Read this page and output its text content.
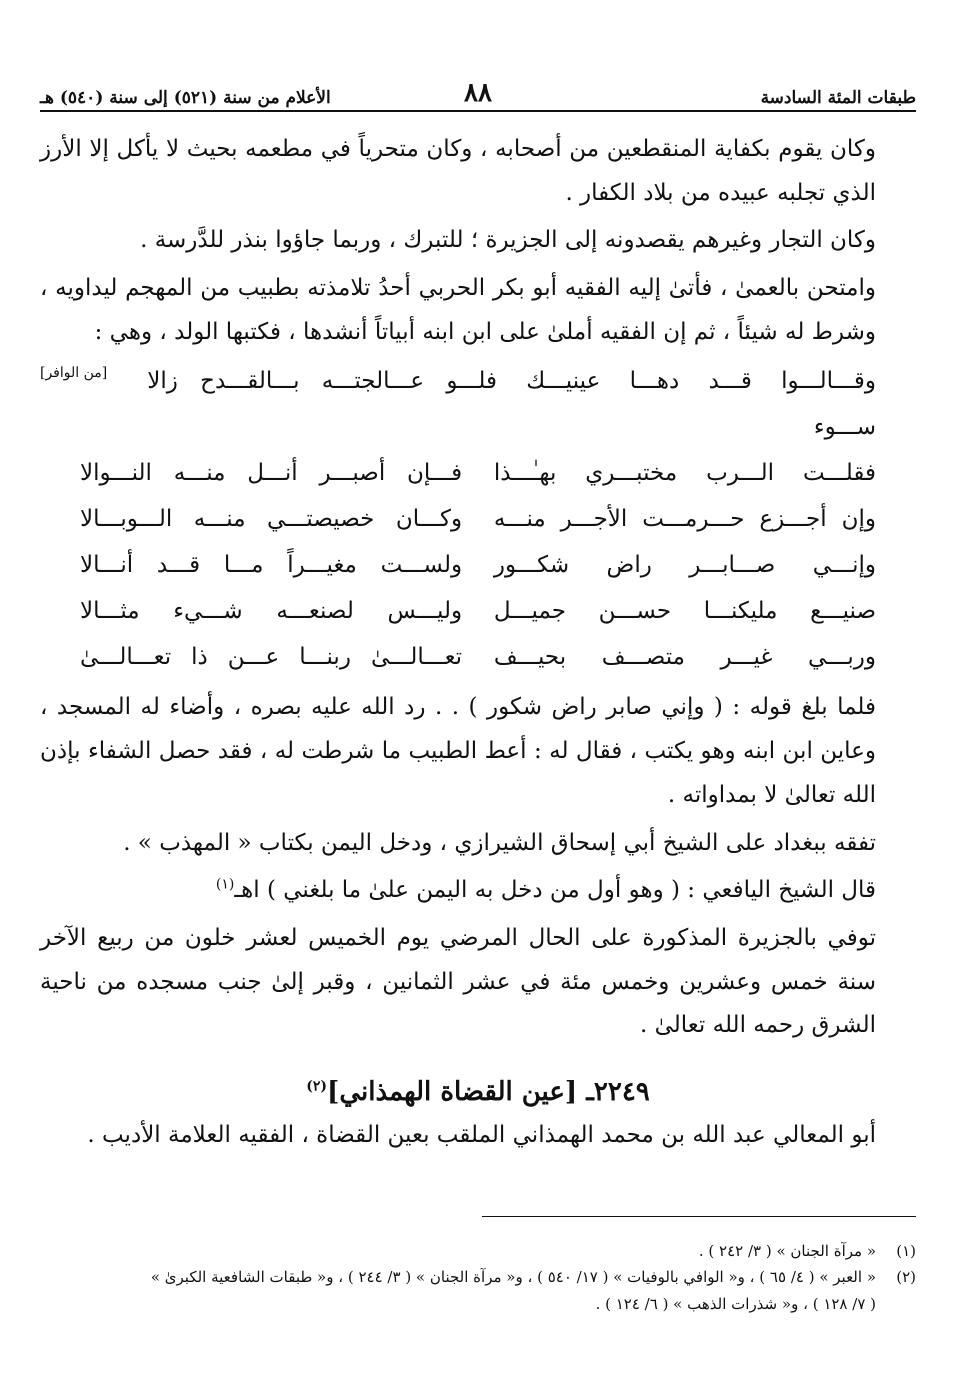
طبقات المئة السادسة
٨٨
الأعلام من سنة (٥٢١) إلى سنة (٥٤٠) هـ

وكان يقوم بكفاية المنقطعين من أصحابه ، وكان متحرياً في مطعمه بحيث لا يأكل إلا الأرز الذي تجلبه عبيده من بلاد الكفار .

وكان التجار وغيرهم يقصدونه إلى الجزيرة ؛ للتبرك ، وربما جاؤوا بنذر للدَّرسة .

وامتحن بالعمىٰ ، فأتىٰ إليه الفقيه أبو بكر الحربي أحدُ تلامذته بطبيب من المهجم ليداويه ، وشرط له شيئاً ، ثم إن الفقيه أملىٰ على ابن ابنه أبياتاً أنشدها ، فكتبها الولد ، وهي :
[من الوافر]	وقـــالـــوا قـــد دهـــا عينيـــك ســـوء
فلـــو عـــالجتـــه بـــالقـــدح زالا
فقلـــت الـــرب مختبـــري بهـٰـــذا
فـــإن أصبـــر أنـــل منـــه النـــوالا
وإن أجـــزع حـــرمـــت الأجـــر منـــه
وكـــان خصيصتـــي منـــه الـــوبـــالا
وإنـــي صـــابـــر راض شكـــور
ولســـت مغيـــراً مـــا قـــد أنـــالا
صنيـــع مليكنـــا حســـن جميـــل
وليـــس لصنعـــه شـــيء مثـــالا
وربـــي غيـــر متصـــف بحيـــف
تعـــالـــىٰ ربنـــا عـــن ذا تعـــالـــىٰ

فلما بلغ قوله : ( وإني صابر راض شكور ) . . رد الله عليه بصره ، وأضاء له المسجد ، وعاين ابن ابنه وهو يكتب ، فقال له : أعط الطبيب ما شرطت له ، فقد حصل الشفاء بإذن الله تعالىٰ لا بمداواته .

تفقه ببغداد على الشيخ أبي إسحاق الشيرازي ، ودخل اليمن بكتاب « المهذب » .

قال الشيخ اليافعي : ( وهو أول من دخل به اليمن علىٰ ما بلغني ) اهـ$^{(١)}$

توفي بالجزيرة المذكورة على الحال المرضي يوم الخميس لعشر خلون من ربيع الآخر سنة خمس وعشرين وخمس مئة في عشر الثمانين ، وقبر إلىٰ جنب مسجده من ناحية الشرق رحمه الله تعالىٰ .

٢٢٤٩ـ [عين القضاة الهمذاني]$^{(٢)}$

أبو المعالي عبد الله بن محمد الهمذاني الملقب بعين القضاة ، الفقيه العلامة الأديب .

(١)
« مرآة الجنان » ( ٣/ ٢٤٢ ) .
(٢)
« العبر » ( ٤/ ٦٥ ) ، و« الوافي بالوفيات » ( ١٧/ ٥٤٠ ) ، و« مرآة الجنان » ( ٣/ ٢٤٤ ) ، و« طبقات الشافعية الكبرىٰ »
( ٧/ ١٢٨ ) ، و« شذرات الذهب » ( ٦/ ١٢٤ ) .
